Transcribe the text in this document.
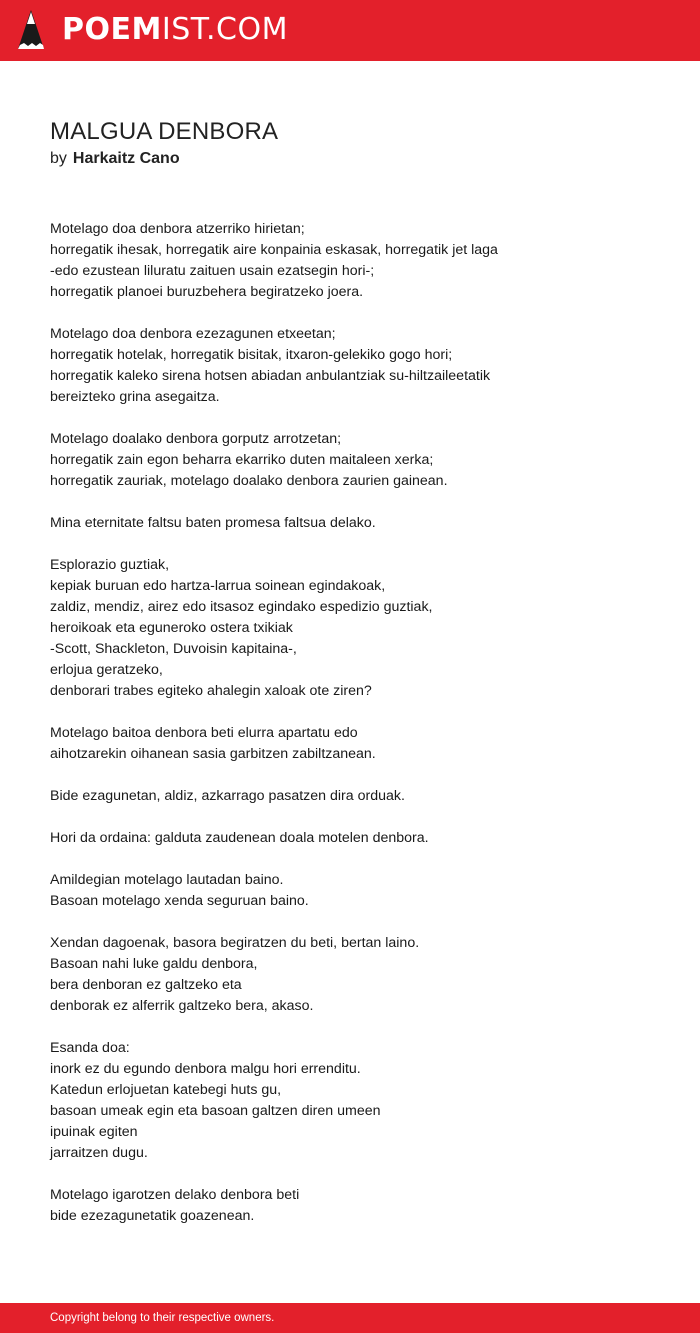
POEMIST.COM
MALGUA DENBORA
by Harkaitz Cano
Motelago doa denbora atzerriko hirietan;
horregatik ihesak, horregatik aire konpainia eskasak, horregatik jet laga
-edo ezustean liluratu zaituen usain ezatsegin hori-;
horregatik planoei buruzbehera begiratzeko joera.
Motelago doa denbora ezezagunen etxeetan;
horregatik hotelak, horregatik bisitak, itxaron-gelekiko gogo hori;
horregatik kaleko sirena hotsen abiadan anbulantziak su-hiltzaileetatik
bereizteko grina asegaitza.
Motelago doalako denbora gorputz arrotzetan;
horregatik zain egon beharra ekarriko duten maitaleen xerka;
horregatik zauriak, motelago doalako denbora zaurien gainean.
Mina eternitate faltsu baten promesa faltsua delako.
Esplorazio guztiak,
kepiak buruan edo hartza-larrua soinean egindakoak,
zaldiz, mendiz, airez edo itsasoz egindako espedizio guztiak,
heroikoak eta eguneroko ostera txikiak
-Scott, Shackleton, Duvoisin kapitaina-,
erlojua geratzeko,
denborari trabes egiteko ahalegin xaloak ote ziren?
Motelago baitoa denbora beti elurra apartatu edo
aihotzarekin oihanean sasia garbitzen zabiltzanean.
Bide ezagunetan, aldiz, azkarrago pasatzen dira orduak.
Hori da ordaina: galduta zaudenean doala motelen denbora.
Amildegian motelago lautadan baino.
Basoan motelago xenda seguruan baino.
Xendan dagoenak, basora begiratzen du beti, bertan laino.
Basoan nahi luke galdu denbora,
bera denboran ez galtzeko eta
denborak ez alferrik galtzeko bera, akaso.
Esanda doa:
inork ez du egundo denbora malgu hori errenditu.
Katedun erlojuetan katebegi huts gu,
basoan umeak egin eta basoan galtzen diren umeen
ipuinak egiten
jarraitzen dugu.
Motelago igarotzen delako denbora beti
bide ezezagunetatik goazenean.
Copyright belong to their respective owners.
